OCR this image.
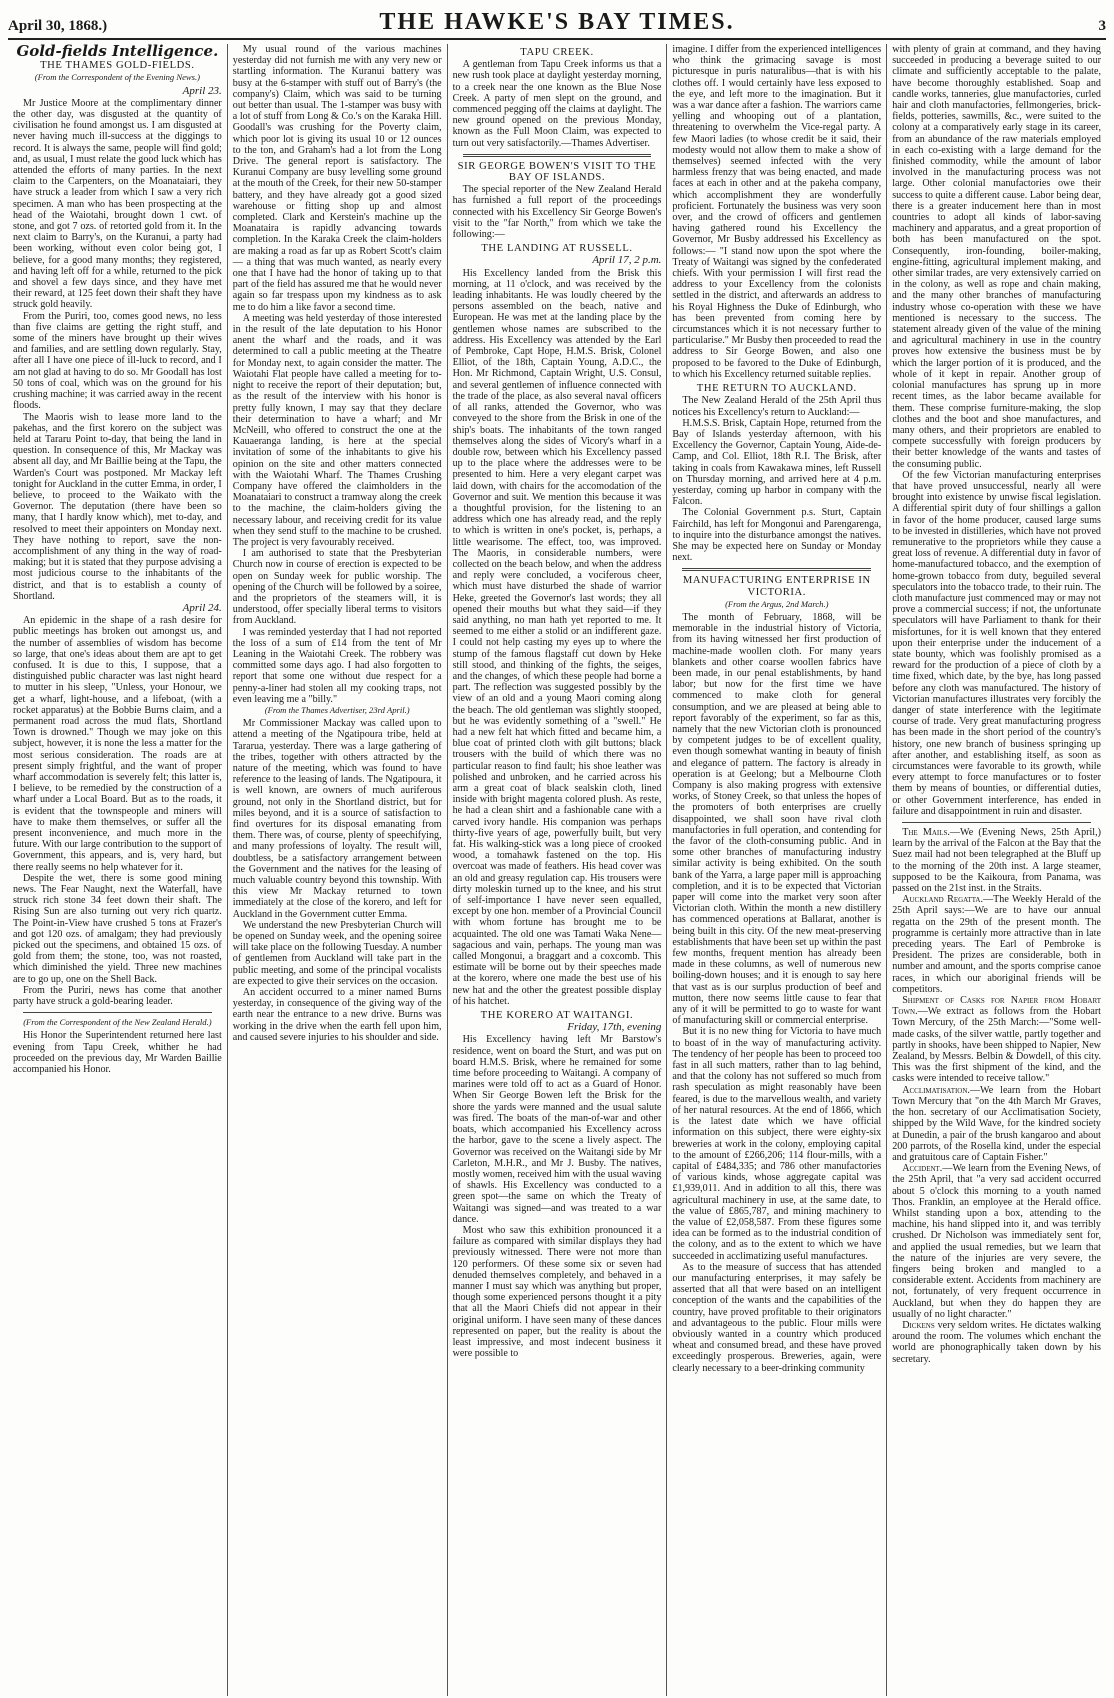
April 30, 1868.)	THE HAWKE'S BAY TIMES.	3
Gold-fields Intelligence.
THE THAMES GOLD-FIELDS.
(From the Correspondent of the Evening News.)
April 23.

Mr Justice Moore at the complimentary dinner the other day, was disgusted at the quantity of civilisation he found amongst us. I am disgusted at never having much ill-success at the diggings to record. It is always the same, people will find gold; and, as usual, I must relate the good luck which has attended the efforts of many parties. In the next claim to the Carpenters, on the Moanataiari, they have struck a leader from which I saw a very rich specimen. A man who has been prospecting at the head of the Waiotahi, brought down 1 cwt. of stone, and got 7 ozs. of retorted gold from it. In the next claim to Barry's, on the Kuranui, a party had been working, without even color being got, I believe, for a good many months; they registered, and having left off for a while, returned to the pick and shovel a few days since, and they have met their reward, at 125 feet down their shaft they have struck gold heavily.

From the Puriri, too, comes good news, no less than five claims are getting the right stuff, and some of the miners have brought up their wives and families, and are settling down regularly. Stay, after all I have one piece of ill-luck to record, and I am not glad at having to do so. Mr Goodall has lost 50 tons of coal, which was on the ground for his crushing machine; it was carried away in the recent floods.

The Maoris wish to lease more land to the pakehas, and the first korero on the subject was held at Tararu Point to-day, that being the land in question. In consequence of this, Mr Mackay was absent all day, and Mr Baillie being at the Tapu, the Warden's Court was postponed. Mr Mackay left tonight for Auckland in the cutter Emma, in order, I believe, to proceed to the Waikato with the Governor. The deputation (there have been so many, that I hardly know which), met to-day, and resolved to meet their appointers on Monday next. They have nothing to report, save the non-accomplishment of any thing in the way of road-making; but it is stated that they purpose advising a most judicious course to the inhabitants of the district, and that is to establish a county of Shortland.

April 24.

An epidemic in the shape of a rash desire for public meetings has broken out amongst us, and the number of assemblies of wisdom has become so large, that one's ideas about them are apt to get confused. It is due to this, I suppose, that a distinguished public character was last night heard to mutter in his sleep, "Unless, your Honour, we get a wharf, light-house, and a lifeboat, (with a rocket apparatus) at the Bobbie Burns claim, and a permanent road across the mud flats, Shortland Town is drowned." Though we may joke on this subject, however, it is none the less a matter for the most serious consideration. The roads are at present simply frightful, and the want of proper wharf accommodation is severely felt; this latter is, I believe, to be remedied by the construction of a wharf under a Local Board. But as to the roads, it is evident that the townspeople and miners will have to make them themselves, or suffer all the present inconvenience, and much more in the future. With our large contribution to the support of Government, this appears, and is, very hard, but there really seems no help whatever for it.

Despite the wet, there is some good mining news. The Fear Naught, next the Waterfall, have struck rich stone 34 feet down their shaft. The Rising Sun are also turning out very rich quartz. The Point-in-View have crushed 5 tons at Frazer's and got 120 ozs. of amalgam; they had previously picked out the specimens, and obtained 15 ozs. of gold from them; the stone, too, was not roasted, which diminished the yield. Three new machines are to go up, one on the Shell Back.

From the Puriri, news has come that another party have struck a gold-bearing leader.

(From the Correspondent of the New Zealand Herald.)

His Honor the Superintendent returned here last evening from Tapu Creek, whither he had proceeded on the previous day, Mr Warden Baillie accompanied his Honor.

My usual round of the various machines yesterday did not furnish me with any very new or startling information. The Kuranui battery was busy at the 6-stamper with stuff out of Barry's (the company's) Claim, which was said to be turning out better than usual. The 1-stamper was busy with a lot of stuff from Long & Co.'s on the Karaka Hill. Goodall's was crushing for the Poverty claim, which poor lot is giving its usual 10 or 12 ounces to the ton, and Graham's had a lot from the Long Drive. The general report is satisfactory. The Kuranui Company are busy levelling some ground at the mouth of the Creek, for their new 50-stamper battery, and they have already got a good sized warehouse or fitting shop up and almost completed. Clark and Kerstein's machine up the Moanataira is rapidly advancing towards completion. In the Karaka Creek the claim-holders are making a road as far up as Robert Scott's claim — a thing that was much wanted, as nearly every one that I have had the honor of taking up to that part of the field has assured me that he would never again so far trespass upon my kindness as to ask me to do him a like favor a second time.

A meeting was held yesterday of those interested in the result of the late deputation to his Honor anent the wharf and the roads, and it was determined to call a public meeting at the Theatre for Monday next, to again consider the matter. The Waiotahi Flat people have called a meeting for to-night to receive the report of their deputation; but, as the result of the interview with his honor is pretty fully known, I may say that they declare their determination to have a wharf; and Mr McNeill, who offered to construct the one at the Kauaeranga landing, is here at the special invitation of some of the inhabitants to give his opinion on the site and other matters connected with the Waiotahi Wharf. The Thames Crushing Company have offered the claimholders in the Moanataiari to construct a tramway along the creek to the machine, the claim-holders giving the necessary labour, and receiving credit for its value when they send stuff to the machine to be crushed. The project is very favourably received.

I am authorised to state that the Presbyterian Church now in course of erection is expected to be open on Sunday week for public worship. The opening of the Church will be followed by a soiree, and the proprietors of the steamers will, it is understood, offer specially liberal terms to visitors from Auckland.

I was reminded yesterday that I had not reported the loss of a sum of £14 from the tent of Mr Leaning in the Waiotahi Creek. The robbery was committed some days ago. I had also forgotten to report that some one without due respect for a penny-a-liner had stolen all my cooking traps, not even leaving me a "billy."

(From the Thames Advertiser, 23rd April.)

Mr Commissioner Mackay was called upon to attend a meeting of the Ngatipoura tribe, held at Tararua, yesterday. There was a large gathering of the tribes, together with others attracted by the nature of the meeting, which was found to have reference to the leasing of lands. The Ngatipoura, it is well known, are owners of much auriferous ground, not only in the Shortland district, but for miles beyond, and it is a source of satisfaction to find overtures for its disposal emanating from them. There was, of course, plenty of speechifying, and many professions of loyalty. The result will, doubtless, be a satisfactory arrangement between the Government and the natives for the leasing of much valuable country beyond this township. With this view Mr Mackay returned to town immediately at the close of the korero, and left for Auckland in the Government cutter Emma.

We understand the new Presbyterian Church will be opened on Sunday week, and the opening soiree will take place on the following Tuesday. A number of gentlemen from Auckland will take part in the public meeting, and some of the principal vocalists are expected to give their services on the occasion.

An accident occurred to a miner named Burns yesterday, in consequence of the giving way of the earth near the entrance to a new drive. Burns was working in the drive when the earth fell upon him, and caused severe injuries to his shoulder and side.

TAPU CREEK.

A gentleman from Tapu Creek informs us that a new rush took place at daylight yesterday morning, to a creek near the one known as the Blue Nose Creek. A party of men slept on the ground, and commenced pegging off the claims at daylight. The new ground opened on the previous Monday, known as the Full Moon Claim, was expected to turn out very satisfactorily.—Thames Advertiser.

SIR GEORGE BOWEN'S VISIT TO THE BAY OF ISLANDS.

The special reporter of the New Zealand Herald has furnished a full report of the proceedings connected with his Excellency Sir George Bowen's visit to the "far North," from which we take the following:—

THE LANDING AT RUSSELL.
April 17, 2 p.m.

His Excellency landed from the Brisk this morning, at 11 o'clock, and was received by the leading inhabitants. He was loudly cheered by the persons assembled on the beach, native and European. He was met at the landing place by the gentlemen whose names are subscribed to the address. His Excellency was attended by the Earl of Pembroke, Capt Hope, H.M.S. Brisk, Colonel Elliot, of the 18th, Captain Young, A.D.C., the Hon. Mr Richmond, Captain Wright, U.S. Consul, and several gentlemen of influence connected with the trade of the place, as also several naval officers of all ranks, attended the Governor, who was conveyed to the shore from the Brisk in one of the ship's boats. The inhabitants of the town ranged themselves along the sides of Vicory's wharf in a double row, between which his Excellency passed up to the place where the addresses were to be presented to him. Here a very elegant carpet was laid down, with chairs for the accomodation of the Governor and suit. We mention this because it was a thoughtful provision, for the listening to an address which one has already read, and the reply to which is written in one's pocket, is, perhaps, a little wearisome. The effect, too, was improved. The Maoris, in considerable numbers, were collected on the beach below, and when the address and reply were concluded, a vociferous cheer, which must have disturbed the shade of warrior Heke, greeted the Governor's last words; they all opened their mouths but what they said—if they said anything, no man hath yet reported to me. It seemed to me either a stolid or an indifferent gaze. I could not help casting my eyes up to where the stump of the famous flagstaff cut down by Heke still stood, and thinking of the fights, the seiges, and the changes, of which these people had borne a part. The reflection was suggested possibly by the view of an old and a young Maori coming along the beach. The old gentleman was slightly stooped, but he was evidently something of a "swell." He had a new felt hat which fitted and became him, a blue coat of printed cloth with gilt buttons; black trousers with the build of which there was no particular reason to find fault; his shoe leather was polished and unbroken, and he carried across his arm a great coat of black sealskin cloth, lined inside with bright magenta colored plush. As reste, he had a clean shirt and a fashionable cane with a carved ivory handle. His companion was perhaps thirty-five years of age, powerfully built, but very fat. His walking-stick was a long piece of crooked wood, a tomahawk fastened on the top. His overcoat was made of feathers. His head cover was an old and greasy regulation cap. His trousers were dirty moleskin turned up to the knee, and his strut of self-importance I have never seen equalled, except by one hon. member of a Provincial Council with whom fortune has brought me to be acquainted. The old one was Tamati Waka Nene—sagacious and vain, perhaps. The young man was called Mongonui, a braggart and a coxcomb. This estimate will be borne out by their speeches made at the korero, where one made the best use of his new hat and the other the greatest possible display of his hatchet.

THE KORERO AT WAITANGI.
Friday, 17th, evening

His Excellency having left Mr Barstow's residence, went on board the Sturt, and was put on board H.M.S. Brisk, where he remained for some time before proceeding to Waitangi. A company of marines were told off to act as a Guard of Honor. When Sir George Bowen left the Brisk for the shore the yards were manned and the usual salute was fired. The boats of the man-of-war and other boats, which accompanied his Excellency across the harbor, gave to the scene a lively aspect. The Governor was received on the Waitangi side by Mr Carleton, M.H.R., and Mr J. Busby. The natives, mostly women, received him with the usual waving of shawls. His Excellency was conducted to a green spot—the same on which the Treaty of Waitangi was signed—and was treated to a war dance.

Most who saw this exhibition pronounced it a failure as compared with similar displays they had previously witnessed. There were not more than 120 performers. Of these some six or seven had denuded themselves completely, and behaved in a manner I must say which was anything but proper, though some experienced persons thought it a pity that all the Maori Chiefs did not appear in their original uniform. I have seen many of these dances represented on paper, but the reality is about the least impressive, and most indecent business it were possible to

imagine. I differ from the experienced intelligences who think the grimacing savage is most picturesque in puris naturalibus—that is with his clothes off. I would certainly have less exposed to the eye, and left more to the imagination. But it was a war dance after a fashion. The warriors came yelling and whooping out of a plantation, threatening to overwhelm the Vice-regal party. A few Maori ladies (to whose credit be it said, their modesty would not allow them to make a show of themselves) seemed infected with the very harmless frenzy that was being enacted, and made faces at each in other and at the pakeha company, which accomplishment they are wonderfully proficient. Fortunately the business was very soon over, and the crowd of officers and gentlemen having gathered round his Excellency the Governor, Mr Busby addressed his Excellency as follows:— "I stand now upon the spot where the Treaty of Waitangi was signed by the confederated chiefs. With your permission I will first read the address to your Excellency from the colonists settled in the district, and afterwards an address to his Royal Highness the Duke of Edinburgh, who has been prevented from coming here by circumstances which it is not necessary further to particularise." Mr Busby then proceeded to read the address to Sir George Bowen, and also one proposed to be favored to the Duke of Edinburgh, to which his Excellency returned suitable replies.

THE RETURN TO AUCKLAND.

The New Zealand Herald of the 25th April thus notices his Excellency's return to Auckland:—

H.M.S.S. Brisk, Captain Hope, returned from the Bay of Islands yesterday afternoon, with his Excellency the Governor, Captain Young, Aide-de-Camp, and Col. Elliot, 18th R.I. The Brisk, after taking in coals from Kawakawa mines, left Russell on Thursday morning, and arrived here at 4 p.m. yesterday, coming up harbor in company with the Falcon.

The Colonial Government p.s. Sturt, Captain Fairchild, has left for Mongonui and Parengarenga, to inquire into the disturbance amongst the natives. She may be expected here on Sunday or Monday next.

MANUFACTURING ENTERPRISE IN VICTORIA.
(From the Argus, 2nd March.)

The month of February, 1868, will be memorable in the industrial history of Victoria, from its having witnessed her first production of machine-made woollen cloth. For many years blankets and other coarse woollen fabrics have been made, in our penal establishments, by hand labor; but now for the first time we have commenced to make cloth for general consumption, and we are pleased at being able to report favorably of the experiment, so far as this, namely that the new Victorian cloth is pronounced by competent judges to be of excellent quality, even though somewhat wanting in beauty of finish and elegance of pattern. The factory is already in operation is at Geelong; but a Melbourne Cloth Company is also making progress with extensive works, of Stoney Creek, so that unless the hopes of the promoters of both enterprises are cruelly disappointed, we shall soon have rival cloth manufactories in full operation, and contending for the favor of the cloth-consuming public. And in some other branches of manufacturing industry similar activity is being exhibited. On the south bank of the Yarra, a large paper mill is approaching completion, and it is to be expected that Victorian paper will come into the market very soon after Victorian cloth. Within the month a new distillery has commenced operations at Ballarat, another is being built in this city. Of the new meat-preserving establishments that have been set up within the past few months, frequent mention has already been made in these columns, as well of numerous new boiling-down houses; and it is enough to say here that vast as is our surplus production of beef and mutton, there now seems little cause to fear that any of it will be permitted to go to waste for want of manufacturing skill or commercial enterprise.

But it is no new thing for Victoria to have much to boast of in the way of manufacturing activity. The tendency of her people has been to proceed too fast in all such matters, rather than to lag behind, and that the colony has not suffered so much from rash speculation as might reasonably have been feared, is due to the marvellous wealth, and variety of her natural resources. At the end of 1866, which is the latest date which we have official information on this subject, there were eighty-six breweries at work in the colony, employing capital to the amount of £266,206; 114 flour-mills, with a capital of £484,335; and 786 other manufactories of various kinds, whose aggregate capital was £1,939,011. And in addition to all this, there was agricultural machinery in use, at the same date, to the value of £865,787, and mining machinery to the value of £2,058,587. From these figures some idea can be formed as to the industrial condition of the colony, and as to the extent to which we have succeeded in acclimatizing useful manufactures.

As to the measure of success that has attended our manufacturing enterprises, it may safely be asserted that all that were based on an intelligent conception of the wants and the capabilities of the country, have proved profitable to their originators and advantageous to the public. Flour mills were obviously wanted in a country which produced wheat and consumed bread, and these have proved exceedingly prosperous. Breweries, again, were clearly necessary to a beer-drinking community

with plenty of grain at command, and they having succeeded in producing a beverage suited to our climate and sufficiently acceptable to the palate, have become thoroughly established. Soap and candle works, tanneries, glue manufactories, curled hair and cloth manufactories, fellmongeries, brick-fields, potteries, sawmills, &c., were suited to the colony at a comparatively early stage in its career, from an abundance of the raw materials employed in each co-existing with a large demand for the finished commodity, while the amount of labor involved in the manufacturing process was not large. Other colonial manufactories owe their success to quite a different cause. Labor being dear, there is a greater inducement here than in most countries to adopt all kinds of labor-saving machinery and apparatus, and a great proportion of both has been manufactured on the spot. Consequently, iron-founding, boiler-making, engine-fitting, agricultural implement making, and other similar trades, are very extensively carried on in the colony, as well as rope and chain making, and the many other branches of manufacturing industry whose co-operation with these we have mentioned is necessary to the success. The statement already given of the value of the mining and agricultural machinery in use in the country proves how extensive the business must be by which the larger portion of it is produced, and the whole of it kept in repair. Another group of colonial manufactures has sprung up in more recent times, as the labor became available for them. These comprise furniture-making, the slop clothes and the boot and shoe manufactures, and many others, and their proprietors are enabled to compete successfully with foreign producers by their better knowledge of the wants and tastes of the consuming public.

Of the few Victorian manufacturing enterprises that have proved unsuccessful, nearly all were brought into existence by unwise fiscal legislation. A differential spirit duty of four shillings a gallon in favor of the home producer, caused large sums to be invested in distilleries, which have not proved remunerative to the proprietors while they cause a great loss of revenue. A differential duty in favor of home-manufactured tobacco, and the exemption of home-grown tobacco from duty, beguiled several speculators into the tobacco trade, to their ruin. The cloth manufacture just commenced may or may not prove a commercial success; if not, the unfortunate speculators will have Parliament to thank for their misfortunes, for it is well known that they entered upon their enterprise under the inducement of a state bounty, which was foolishly promised as a reward for the production of a piece of cloth by a time fixed, which date, by the bye, has long passed before any cloth was manufactured. The history of Victorian manufactures illustrates very forcibly the danger of state interference with the legitimate course of trade. Very great manufacturing progress has been made in the short period of the country's history, one new branch of business springing up after another, and establishing itself, as soon as circumstances were favorable to its growth, while every attempt to force manufactures or to foster them by means of bounties, or differential duties, or other Government interference, has ended in failure and disappointment in ruin and disaster.

The Mails.—We (Evening News, 25th April,) learn by the arrival of the Falcon at the Bay that the Suez mail had not been telegraphed at the Bluff up to the morning of the 20th inst. A large steamer, supposed to be the Kaikoura, from Panama, was passed on the 21st inst. in the Straits.

Auckland Regatta.—The Weekly Herald of the 25th April says:—We are to have our annual regatta on the 29th of the present month. The programme is certainly more attractive than in late preceding years. The Earl of Pembroke is President. The prizes are considerable, both in number and amount, and the sports comprise canoe races, in which our aboriginal friends will be competitors.

Shipment of Casks for Napier from Hobart Town.—We extract as follows from the Hobart Town Mercury, of the 25th March:—"Some well-made casks, of the silver wattle, partly together and partly in shooks, have been shipped to Napier, New Zealand, by Messrs. Belbin & Dowdell, of this city. This was the first shipment of the kind, and the casks were intended to receive tallow."

Acclimatisation.—We learn from the Hobart Town Mercury that "on the 4th March Mr Graves, the hon. secretary of our Acclimatisation Society, shipped by the Wild Wave, for the kindred society at Dunedin, a pair of the brush kangaroo and about 200 parrots, of the Rosella kind, under the especial and gratuitous care of Captain Fisher."

Accident.—We learn from the Evening News, of the 25th April, that "a very sad accident occurred about 5 o'clock this morning to a youth named Thos. Franklin, an employee at the Herald office. Whilst standing upon a box, attending to the machine, his hand slipped into it, and was terribly crushed. Dr Nicholson was immediately sent for, and applied the usual remedies, but we learn that the nature of the injuries are very severe, the fingers being broken and mangled to a considerable extent. Accidents from machinery are not, fortunately, of very frequent occurrence in Auckland, but when they do happen they are usually of no light character."

Dickens very seldom writes. He dictates walking around the room. The volumes which enchant the world are phonographically taken down by his secretary.
